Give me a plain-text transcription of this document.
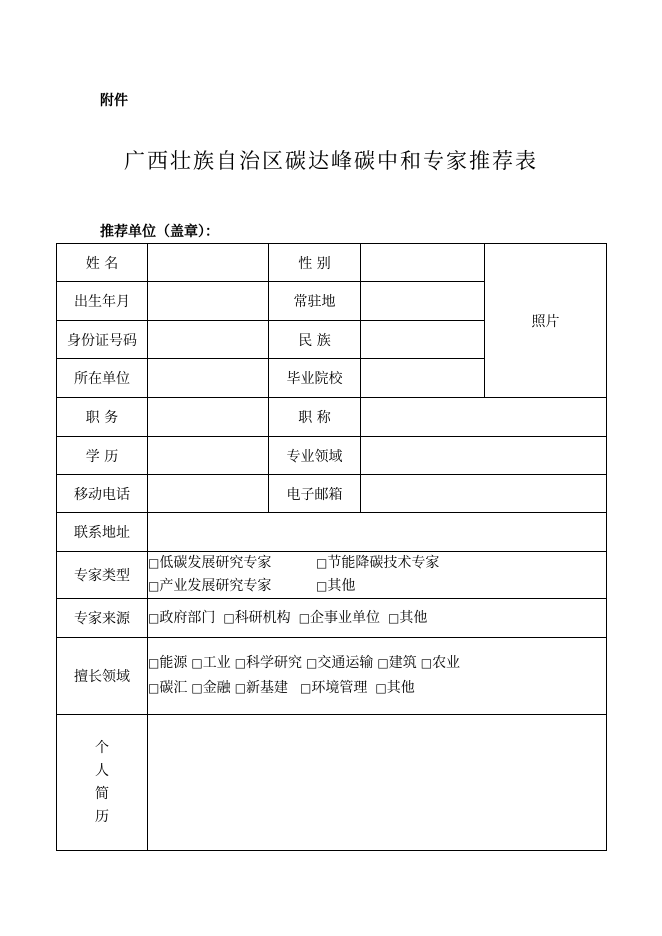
附件
广西壮族自治区碳达峰碳中和专家推荐表
推荐单位（盖章）：
姓 名		性 别		照片
出生年月		常驻地		
身份证号码		民 族		
所在单位		毕业院校		
职 务		职 称		
学 历		专业领域		
移动电话		电子邮箱		
联系地址				
专家类型	□低碳发展研究专家 □节能降碳技术专家
□产业发展研究专家 □其他			

专家来源	□政府部门 □科研机构 □企事业单位 □其他			
擅长领域	□能源 □工业 □科学研究 □交通运输 □建筑 □农业
□碳汇 □金融 □新基建 □环境管理 □其他			

个
人
简
历				
